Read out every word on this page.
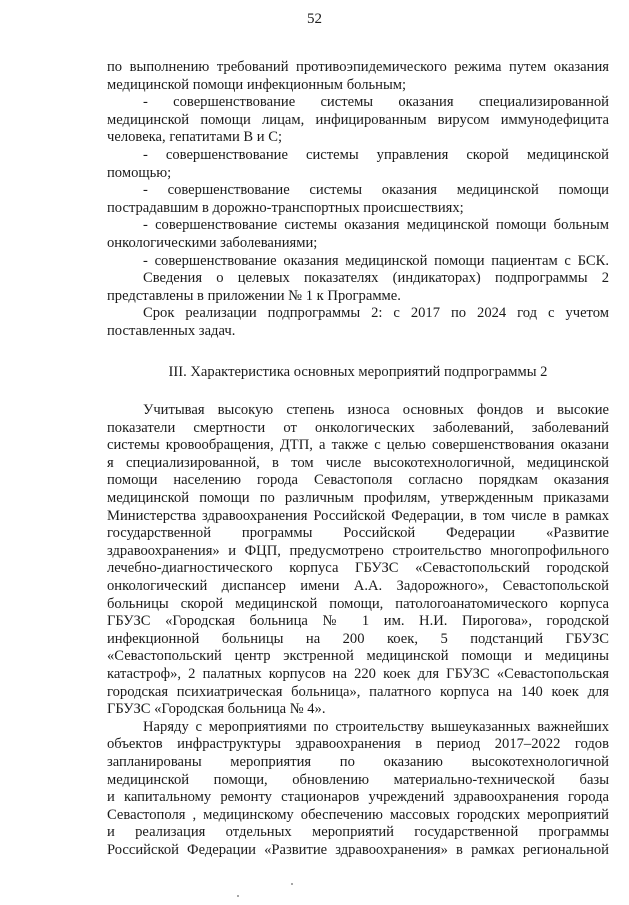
52

по выполнению требований противоэпидемического режима путем оказания

медицинской помощи инфекционным больным;

- совершенствование системы оказания специализированной

медицинской помощи лицам, инфицированным вирусом иммунодефицита

человека, гепатитами В и С;

- совершенствование системы управления скорой медицинской

помощью;

- совершенствование системы оказания медицинской помощи

пострадавшим в дорожно-транспортных происшествиях;

- совершенствование системы оказания медицинской помощи больным

онкологическими заболеваниями;

- совершенствование оказания медицинской помощи пациентам с БСК.

Сведения о целевых показателях (индикаторах) подпрограммы 2

представлены в приложении № 1 к Программе.

Срок реализации подпрограммы 2: с 2017 по 2024 год с учетом

поставленных задач.

III. Характеристика основных мероприятий подпрограммы 2

Учитывая высокую степень износа основных фондов и высокие

показатели смертности от онкологических заболеваний, заболеваний

системы кровообращения, ДТП, а также с целью совершенствования оказани

я специализированной, в том числе высокотехнологичной, медицинской

помощи населению города Севастополя согласно порядкам оказания

медицинской помощи по различным профилям, утвержденным приказами

Министерства здравоохранения Российской Федерации, в том числе в рамках

государственной программы Российской Федерации «Развитие

здравоохранения» и ФЦП, предусмотрено строительство многопрофильного

лечебно-диагностического корпуса ГБУЗС «Севастопольский городской

онкологический диспансер имени А.А. Задорожного», Севастопольской

больницы скорой медицинской помощи, патологоанатомического корпуса

ГБУЗС «Городская больница № 1 им. Н.И. Пирогова», городской

инфекционной больницы на 200 коек, 5 подстанций ГБУЗС

«Севастопольский центр экстренной медицинской помощи и медицины

катастроф», 2 палатных корпусов на 220 коек для ГБУЗС «Севастопольская

городская психиатрическая больница», палатного корпуса на 140 коек для

ГБУЗС «Городская больница № 4».

Наряду с мероприятиями по строительству вышеуказанных важнейших

объектов инфраструктуры здравоохранения в период 2017–2022 годов

запланированы мероприятия по оказанию высокотехнологичной

медицинской помощи, обновлению материально-технической базы

и капитальному ремонту стационаров учреждений здравоохранения города

Севастополя , медицинскому обеспечению массовых городских мероприятий

и реализация отдельных мероприятий государственной программы

Российской Федерации «Развитие здравоохранения» в рамках региональной
